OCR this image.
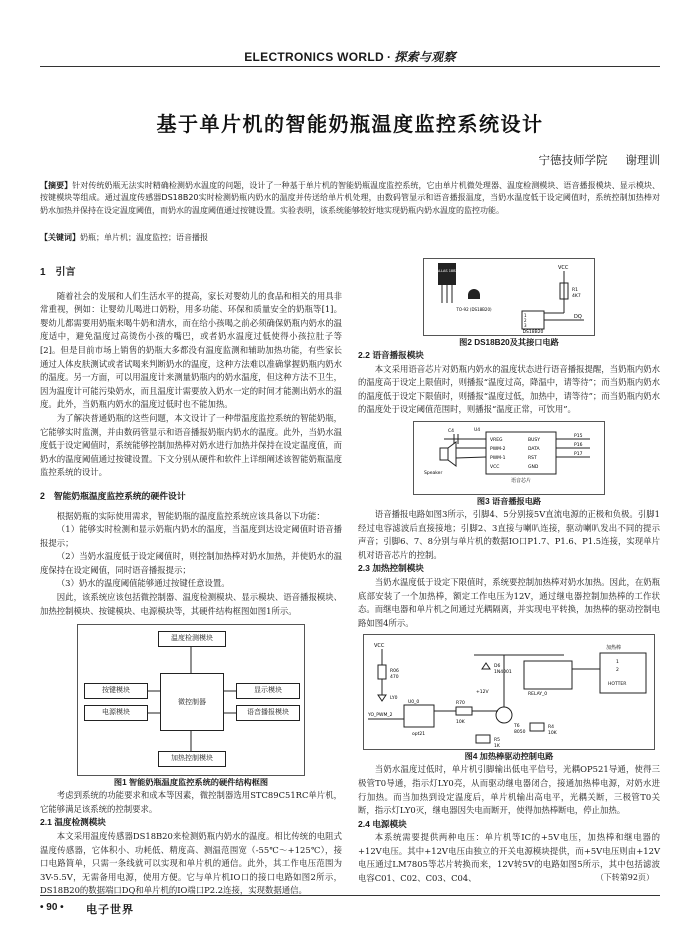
ELECTRONICS WORLD · 探索与观察
基于单片机的智能奶瓶温度监控系统设计
宁德技师学院 谢理训
【摘要】针对传统奶瓶无法实时精确检测奶水温度的问题，设计了一种基于单片机的智能奶瓶温度监控系统，它由单片机微处理器、温度检测模块、语音播报模块、显示模块、按键模块等组成。通过温度传感器DS18B20实时检测奶瓶内奶水的温度并传送给单片机处理，由数码管显示和语音播报温度，当奶水温度低于设定阈值时，系统控制加热棒对奶水加热并保持在设定温度阈值，而奶水的温度阈值通过按键设置。实验表明，该系统能够较好地实现奶瓶内奶水温度的监控功能。
【关键词】奶瓶；单片机；温度监控；语音播报
1　引言

随着社会的发展和人们生活水平的提高，家长对婴幼儿的食品和相关的用具非常重视，例如：让婴幼儿喝进口奶粉，用多功能、环保和质量安全的奶瓶等[1]。婴幼儿都需要用奶瓶来喝牛奶和清水，而在给小孩喝之前必须确保奶瓶内奶水的温度适中，避免温度过高烫伤小孩的嘴巴，或者奶水温度过低使得小孩拉肚子等[2]。但是目前市场上销售的奶瓶大多都没有温度监测和辅助加热功能，有些家长通过人体皮肤测试或者试喝来判断奶水的温度，这种方法难以准确掌握奶瓶内奶水的温度。另一方面，可以用温度计来测量奶瓶内的奶水温度，但这种方法不卫生，因为温度计可能污染奶水，而且温度计需要放入奶水一定的时间才能测出奶水的温度。此外，当奶瓶内奶水的温度过低时也不能加热。

为了解决普通奶瓶的这些问题，本文设计了一种带温度监控系统的智能奶瓶，它能够实时监测，并由数码管显示和语音播报奶瓶内奶水的温度。此外，当奶水温度低于设定阈值时，系统能够控制加热棒对奶水进行加热并保持在设定温度值，而奶水的温度阈值通过按键设置。下文分别从硬件和软件上详细阐述该智能奶瓶温度监控系统的设计。

2　智能奶瓶温度监控系统的硬件设计

根据奶瓶的实际使用需求，智能奶瓶的温度监控系统应该具备以下功能：

（1）能够实时检测和显示奶瓶内奶水的温度，当温度到达设定阈值时语音播报提示；

（2）当奶水温度低于设定阈值时，则控制加热棒对奶水加热，并使奶水的温度保持在设定阈值，同时语音播报提示；

（3）奶水的温度阈值能够通过按键任意设置。

因此，该系统应该包括微控制器、温度检测模块、显示模块、语音播报模块、加热控制模块、按键模块、电源模块等，其硬件结构框图如图1所示。

温度检测模块
按键模块
电源模块
微控制器
显示模块
语音播报模块
加热控制模块
图1 智能奶瓶温度监控系统的硬件结构框图

考虑到系统的功能要求和成本等因素，微控制器选用STC89C51RC单片机，它能够满足该系统的控制要求。

2.1 温度检测模块

本文采用温度传感器DS18B20来检测奶瓶内奶水的温度。相比传统的电阻式温度传感器，它体积小、功耗低、精度高、测温范围宽（-55℃～+125℃），接口电路简单，只需一条线就可以实现和单片机的通信。此外，其工作电压范围为3V-5.5V，无需备用电源，使用方便。它与单片机IO口的接口电路如图2所示，DS18B20的数据端口DQ和单片机的IO端口P2.2连接，实现数据通信。

DALLAS 18B20
TO-92 (DS18B20)
1
2
3
DS18B20
R1
4K7
VCC
DQ
图2 DS18B20及其接口电路
2.2 语音播报模块

本文采用语音芯片对奶瓶内奶水的温度状态进行语音播报提醒，当奶瓶内奶水的温度高于设定上限值时，则播报“温度过高，降温中，请等待”；而当奶瓶内奶水的温度低于设定下限值时，则播报“温度过低，加热中，请等待”；而当奶瓶内奶水的温度处于设定阈值范围时，则播报“温度正常，可饮用”。

VREG
PWM-2
PWM-1
VCC
BUSY
DATA
RST
GND
语音芯片
U4
P15
P16
P17
C4
Speaker
图3 语音播报电路

语音播报电路如图3所示，引脚4、5分别接5V直流电源的正极和负极。引脚1经过电容滤波后直接接地；引脚2、3直接与喇叭连接，驱动喇叭发出不同的提示声音；引脚6、7、8分别与单片机的数据IO口P1.7、P1.6、P1.5连接，实现单片机对语音芯片的控制。

2.3 加热控制模块

当奶水温度低于设定下限值时，系统要控制加热棒对奶水加热。因此，在奶瓶底部安装了一个加热棒，额定工作电压为12V，通过继电器控制加热棒的工作状态。而继电器和单片机之间通过光耦隔离，并实现电平转换，加热棒的驱动控制电路如图4所示。

VCC
R06
470
LY0
U0_0
opt21
YO_PWM_2
R70
10K
T6
8050
+12V
D6
1N4001
RELAY_0
R4
10K
R5
1K
加热棒
1
2
HOTTER
图4 加热棒驱动控制电路

当奶水温度过低时，单片机引脚输出低电平信号，光耦OP521导通，使得三极管T0导通，指示灯LY0亮，从而驱动继电器闭合，接通加热棒电源，对奶水进行加热。而当加热到设定温度后，单片机输出高电平，光耦关断，三极管T0关断，指示灯LY0灭，继电器因失电而断开，使得加热棒断电，停止加热。

2.4 电源模块

本系统需要提供两种电压：单片机等IC的+5V电压，加热棒和继电器的+12V电压。其中+12V电压由独立的开关电源模块提供，而+5V电压则由+12V电压通过LM7805等芯片转换而来，12V转5V的电路如图5所示，其中包括滤波电容C01、C02、C03、C04、	（下转第92页）
• 90 • 电子世界
